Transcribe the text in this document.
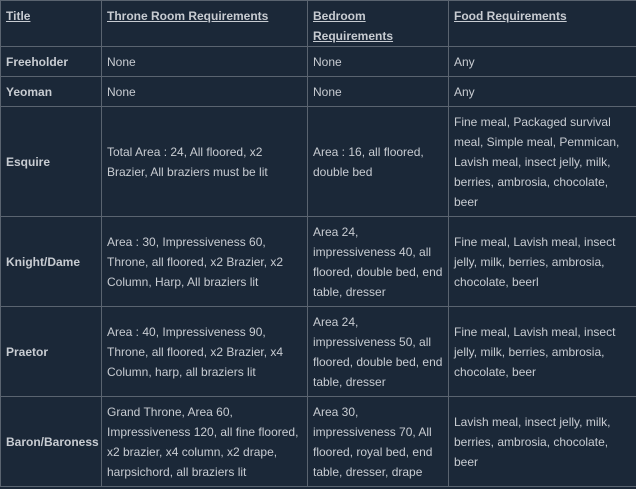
Title	Throne Room Requirements	Bedroom Requirements	Food Requirements
Freeholder	None	None	Any
Yeoman	None	None	Any
Esquire	Total Area : 24, All floored, x2 Brazier, All braziers must be lit	Area : 16, all floored, double bed	Fine meal, Packaged survival meal, Simple meal, Pemmican, Lavish meal, insect jelly, milk, berries, ambrosia, chocolate, beer
Knight/Dame	Area : 30, Impressiveness 60, Throne, all floored, x2 Brazier, x2 Column, Harp, All braziers lit	Area 24, impressiveness 40, all floored, double bed, end table, dresser	Fine meal, Lavish meal, insect jelly, milk, berries, ambrosia, chocolate, beerl
Praetor	Area : 40, Impressiveness 90, Throne, all floored, x2 Brazier, x4 Column, harp, all braziers lit	Area 24, impressiveness 50, all floored, double bed, end table, dresser	Fine meal, Lavish meal, insect jelly, milk, berries, ambrosia, chocolate, beer
Baron/Baroness	Grand Throne, Area 60, Impressiveness 120, all fine floored, x2 brazier, x4 column, x2 drape, harpsichord, all braziers lit	Area 30, impressiveness 70, All floored, royal bed, end table, dresser, drape	Lavish meal, insect jelly, milk, berries, ambrosia, chocolate, beer
